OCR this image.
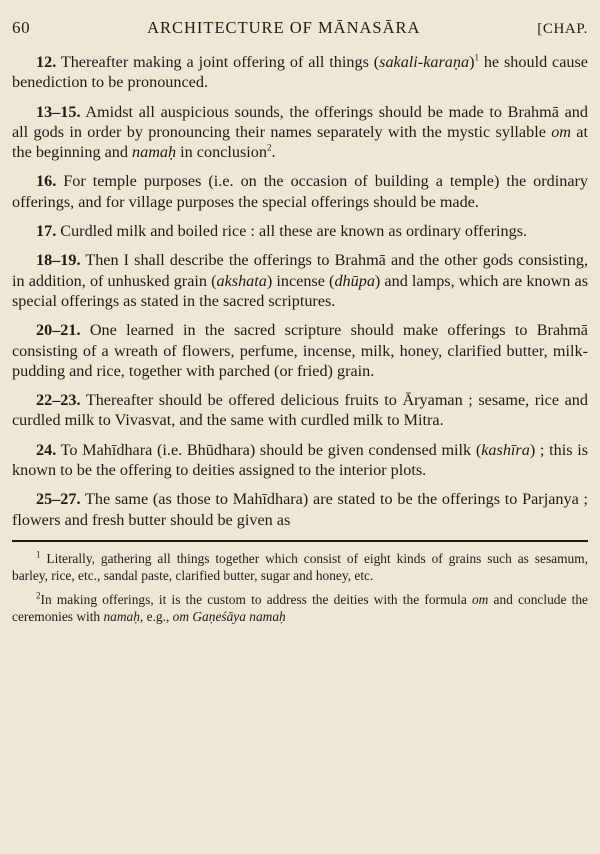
60	ARCHITECTURE OF MĀNASĀRA	[CHAP.

12. Thereafter making a joint offering of all things (sakali-karaṇa)$^1$ he should cause benediction to be pronounced.

13–15. Amidst all auspicious sounds, the offerings should be made to Brahmā and all gods in order by pronouncing their names separately with the mystic syllable om at the beginning and namaḥ in conclusion$^2$.

16. For temple purposes (i.e. on the occasion of building a temple) the ordinary offerings, and for village purposes the special offerings should be made.

17. Curdled milk and boiled rice : all these are known as ordinary offerings.

18–19. Then I shall describe the offerings to Brahmā and the other gods consisting, in addition, of unhusked grain (akshata) incense (dhūpa) and lamps, which are known as special offerings as stated in the sacred scriptures.

20–21. One learned in the sacred scripture should make offerings to Brahmā consisting of a wreath of flowers, perfume, incense, milk, honey, clarified butter, milk-pudding and rice, together with parched (or fried) grain.

22–23. Thereafter should be offered delicious fruits to Āryaman ; sesame, rice and curdled milk to Vivasvat, and the same with curdled milk to Mitra.

24. To Mahīdhara (i.e. Bhūdhara) should be given condensed milk (kashīra) ; this is known to be the offering to deities assigned to the interior plots.

25–27. The same (as those to Mahīdhara) are stated to be the offerings to Parjanya ; flowers and fresh butter should be given as

$^1$ Literally, gathering all things together which consist of eight kinds of grains such as sesamum, barley, rice, etc., sandal paste, clarified butter, sugar and honey, etc.

$^2$In making offerings, it is the custom to address the deities with the formula om and conclude the ceremonies with namaḥ, e.g., om Gaṇeśāya namaḥ
